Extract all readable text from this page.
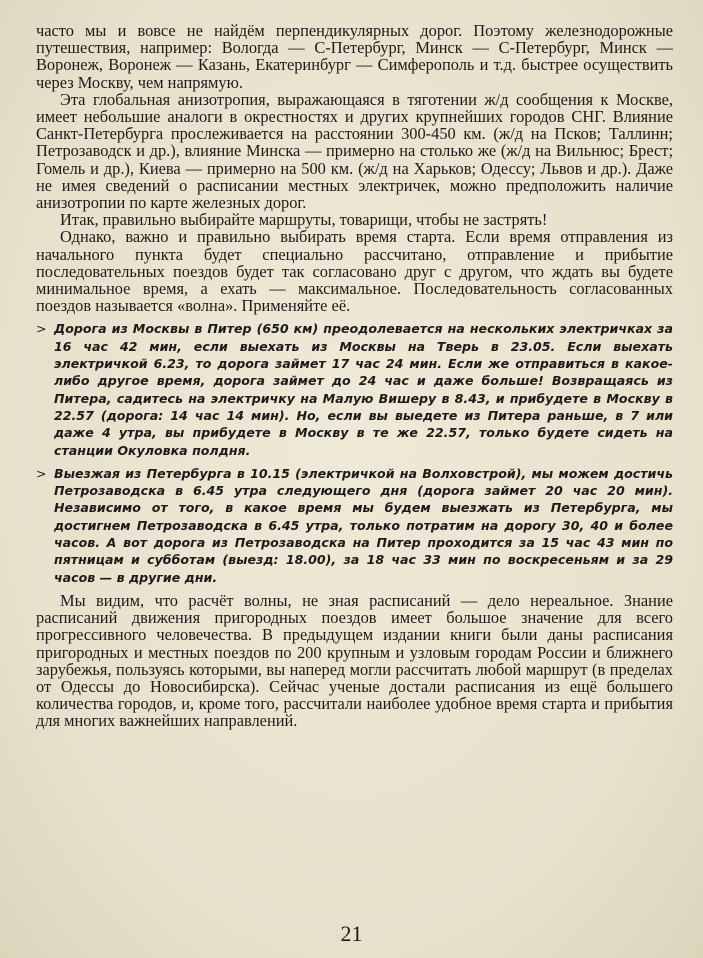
часто мы и вовсе не найдём перпендикулярных дорог. Поэтому железнодорожные путешествия, например: Вологда — С-Петербург, Минск — С-Петербург, Минск — Воронеж, Воронеж — Казань, Екатеринбург — Симферополь и т.д. быстрее осуществить через Москву, чем напрямую.

Эта глобальная анизотропия, выражающаяся в тяготении ж/д сообщения к Москве, имеет небольшие аналоги в окрестностях и других крупнейших городов СНГ. Влияние Санкт-Петербурга прослеживается на расстоянии 300-450 км. (ж/д на Псков; Таллинн; Петрозаводск и др.), влияние Минска — примерно на столько же (ж/д на Вильнюс; Брест; Гомель и др.), Киева — примерно на 500 км. (ж/д на Харьков; Одессу; Львов и др.). Даже не имея сведений о расписании местных электричек, можно предположить наличие анизотропии по карте железных дорог.

Итак, правильно выбирайте маршруты, товарищи, чтобы не застрять!

Однако, важно и правильно выбирать время старта. Если время отправления из начального пункта будет специально рассчитано, отправление и прибытие последовательных поездов будет так согласовано друг с другом, что ждать вы будете минимальное время, а ехать — максимальное. Последовательность согласованных поездов называется «волна». Применяйте её.

> Дорога из Москвы в Питер (650 км) преодолевается на нескольких электричках за 16 час 42 мин, если выехать из Москвы на Тверь в 23.05. Если выехать электричкой 6.23, то дорога займет 17 час 24 мин. Если же отправиться в какое-либо другое время, дорога займет до 24 час и даже больше! Возвращаясь из Питера, садитесь на электричку на Малую Вишеру в 8.43, и прибудете в Москву в 22.57 (дорога: 14 час 14 мин). Но, если вы выедете из Питера раньше, в 7 или даже 4 утра, вы прибудете в Москву в те же 22.57, только будете сидеть на станции Окуловка полдня.
> Выезжая из Петербурга в 10.15 (электричкой на Волховстрой), мы можем достичь Петрозаводска в 6.45 утра следующего дня (дорога займет 20 час 20 мин). Независимо от того, в какое время мы будем выезжать из Петербурга, мы достигнем Петрозаводска в 6.45 утра, только потратим на дорогу 30, 40 и более часов. А вот дорога из Петрозаводска на Питер проходится за 15 час 43 мин по пятницам и субботам (выезд: 18.00), за 18 час 33 мин по воскресеньям и за 29 часов — в другие дни.

Мы видим, что расчёт волны, не зная расписаний — дело нереальное. Знание расписаний движения пригородных поездов имеет большое значение для всего прогрессивного человечества. В предыдущем издании книги были даны расписания пригородных и местных поездов по 200 крупным и узловым городам России и ближнего зарубежья, пользуясь которыми, вы наперед могли рассчитать любой маршрут (в пределах от Одессы до Новосибирска). Сейчас ученые достали расписания из ещё большего количества городов, и, кроме того, рассчитали наиболее удобное время старта и прибытия для многих важнейших направлений.

21
